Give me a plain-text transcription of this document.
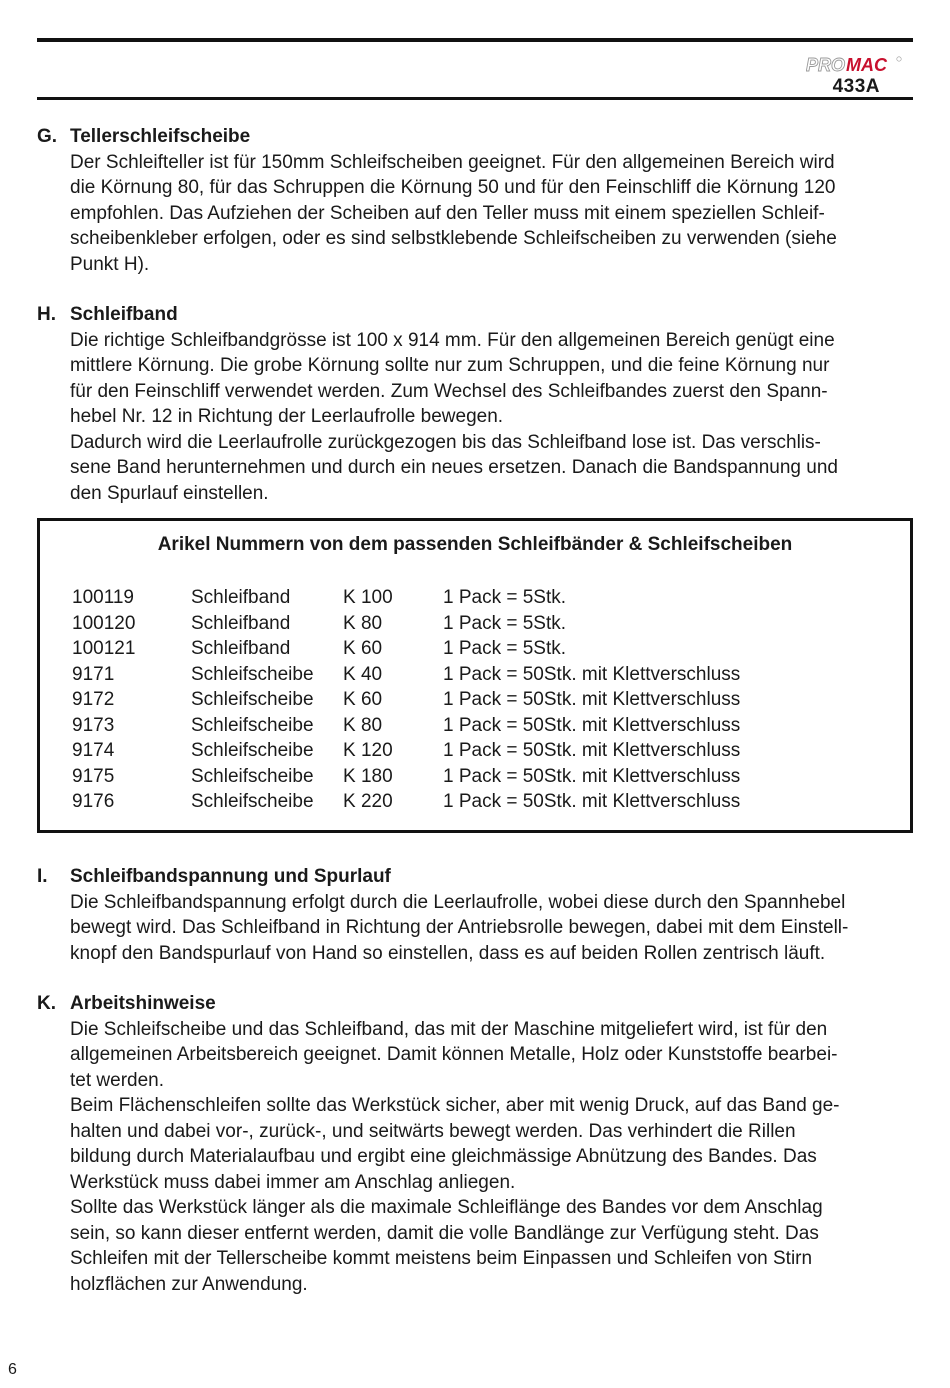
PRO MAC
433A
G. Tellerschleifscheibe
Der Schleifteller ist für 150mm Schleifscheiben geeignet. Für den allgemeinen Bereich wird
die Körnung 80, für das Schruppen die Körnung 50 und für den Feinschliff die Körnung 120
empfohlen. Das Aufziehen der Scheiben auf den Teller muss mit einem speziellen Schleif-
scheibenkleber erfolgen, oder es sind selbstklebende Schleifscheiben zu verwenden (siehe
Punkt H).
H. Schleifband
Die richtige Schleifbandgrösse ist 100 x 914 mm. Für den allgemeinen Bereich genügt eine
mittlere Körnung. Die grobe Körnung sollte nur zum Schruppen, und die feine Körnung nur
für den Feinschliff verwendet werden. Zum Wechsel des Schleifbandes zuerst den Spann-
hebel Nr. 12 in Richtung der Leerlaufrolle bewegen.
Dadurch wird die Leerlaufrolle zurückgezogen bis das Schleifband lose ist. Das verschlis-
sene Band herunternehmen und durch ein neues ersetzen. Danach die Bandspannung und
den Spurlauf einstellen.
Arikel Nummern von dem passenden Schleifbänder & Schleifscheiben
100119	Schleifband	K 100	1 Pack = 5Stk.
100120	Schleifband	K 80	1 Pack = 5Stk.
100121	Schleifband	K 60	1 Pack = 5Stk.
9171	Schleifscheibe K 40	1 Pack = 50Stk. mit Klettverschluss
9172	Schleifscheibe K 60	1 Pack = 50Stk. mit Klettverschluss
9173	Schleifscheibe K 80	1 Pack = 50Stk. mit Klettverschluss
9174	Schleifscheibe K 120	1 Pack = 50Stk. mit Klettverschluss
9175	Schleifscheibe K 180	1 Pack = 50Stk. mit Klettverschluss
9176	Schleifscheibe K 220	1 Pack = 50Stk. mit Klettverschluss
I. Schleifbandspannung und Spurlauf
Die Schleifbandspannung erfolgt durch die Leerlaufrolle, wobei diese durch den Spannhebel
bewegt wird. Das Schleifband in Richtung der Antriebsrolle bewegen, dabei mit dem Einstell-
knopf den Bandspurlauf von Hand so einstellen, dass es auf beiden Rollen zentrisch läuft.
K. Arbeitshinweise
Die Schleifscheibe und das Schleifband, das mit der Maschine mitgeliefert wird, ist für den
allgemeinen Arbeitsbereich geeignet. Damit können Metalle, Holz oder Kunststoffe bearbei-
tet werden.
Beim Flächenschleifen sollte das Werkstück sicher, aber mit wenig Druck, auf das Band ge-
halten und dabei vor-, zurück-, und seitwärts bewegt werden. Das verhindert die Rillen
bildung durch Materialaufbau und ergibt eine gleichmässige Abnützung des Bandes. Das
Werkstück muss dabei immer am Anschlag anliegen.
Sollte das Werkstück länger als die maximale Schleiflänge des Bandes vor dem Anschlag
sein, so kann dieser entfernt werden, damit die volle Bandlänge zur Verfügung steht. Das
Schleifen mit der Tellerscheibe kommt meistens beim Einpassen und Schleifen von Stirn
holzflächen zur Anwendung.
6
